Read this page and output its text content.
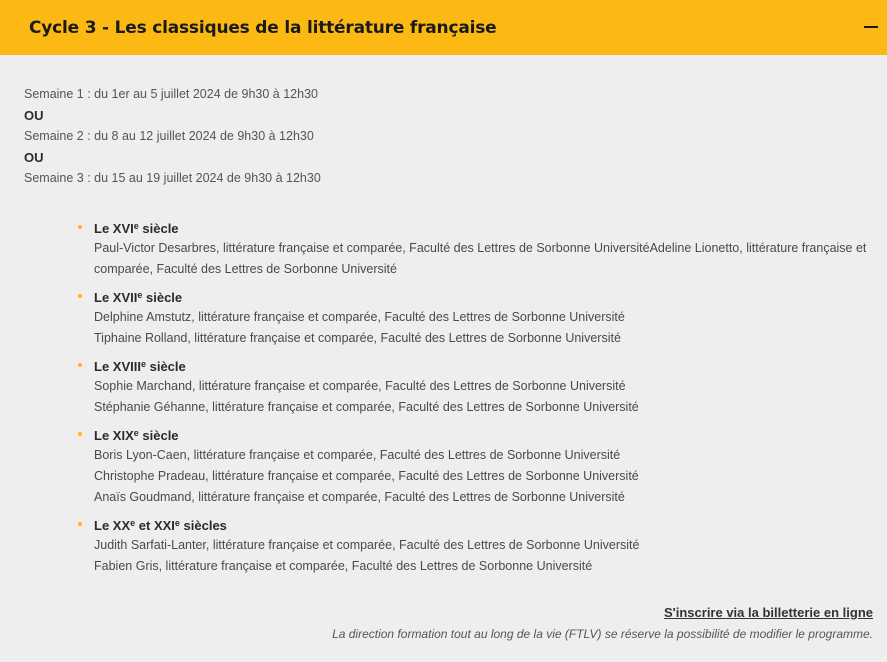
Cycle 3 - Les classiques de la littérature française
Semaine 1 : du 1er au 5 juillet 2024 de 9h30 à 12h30
OU
Semaine 2 : du 8 au 12 juillet 2024 de 9h30 à 12h30
OU
Semaine 3 : du 15 au 19 juillet 2024 de 9h30 à 12h30
Le XVIe siècle
Paul-Victor Desarbres, littérature française et comparée, Faculté des Lettres de Sorbonne UniversitéAdeline Lionetto, littérature française et comparée, Faculté des Lettres de Sorbonne Université
Le XVIIe siècle
Delphine Amstutz, littérature française et comparée, Faculté des Lettres de Sorbonne Université
Tiphaine Rolland, littérature française et comparée, Faculté des Lettres de Sorbonne Université
Le XVIIIe siècle
Sophie Marchand, littérature française et comparée, Faculté des Lettres de Sorbonne Université
Stéphanie Géhanne, littérature française et comparée, Faculté des Lettres de Sorbonne Université
Le XIXe siècle
Boris Lyon-Caen, littérature française et comparée, Faculté des Lettres de Sorbonne Université
Christophe Pradeau, littérature française et comparée, Faculté des Lettres de Sorbonne Université
Anaïs Goudmand, littérature française et comparée, Faculté des Lettres de Sorbonne Université
Le XXe et XXIe siècles
Judith Sarfati-Lanter, littérature française et comparée, Faculté des Lettres de Sorbonne Université
Fabien Gris, littérature française et comparée, Faculté des Lettres de Sorbonne Université
S'inscrire via la billetterie en ligne
La direction formation tout au long de la vie (FTLV) se réserve la possibilité de modifier le programme.
